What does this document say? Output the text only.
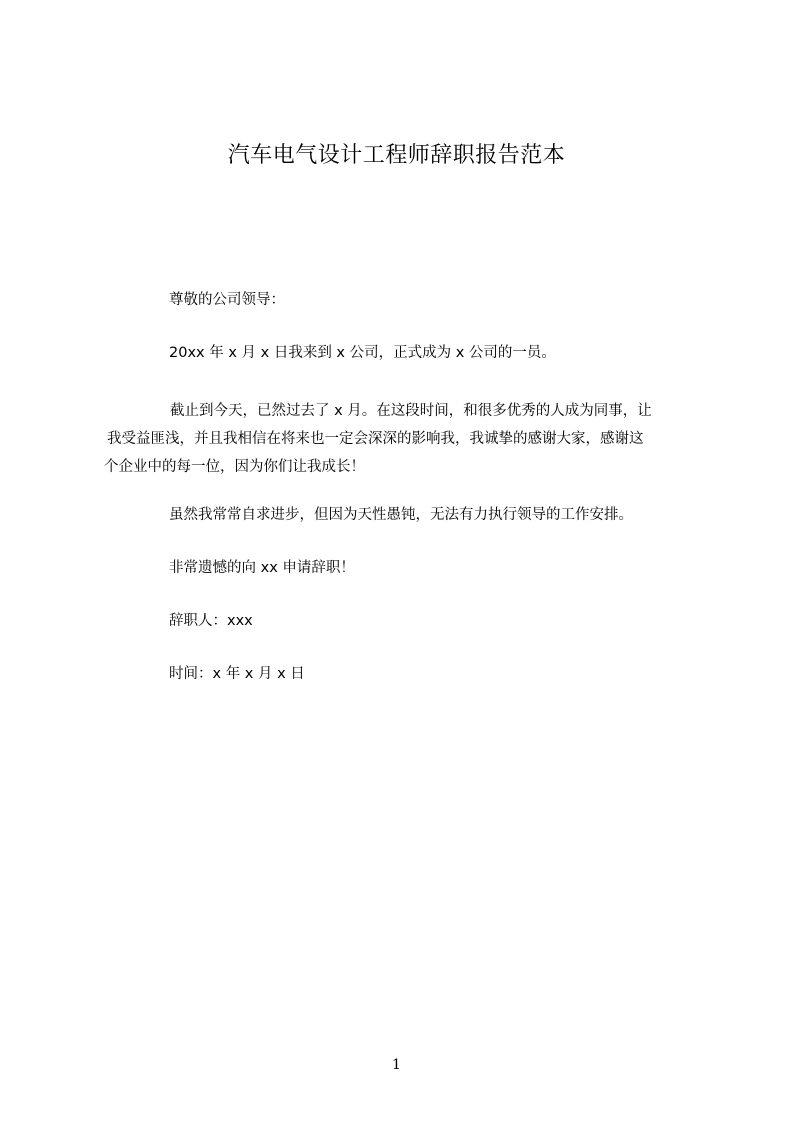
汽车电气设计工程师辞职报告范本
尊敬的公司领导：
20xx 年 x 月 x 日我来到 x 公司，正式成为 x 公司的一员。
截止到今天，已然过去了 x 月。在这段时间，和很多优秀的人成为同事，让
我受益匪浅，并且我相信在将来也一定会深深的影响我，我诚挚的感谢大家，感谢这
个企业中的每一位，因为你们让我成长！
虽然我常常自求进步，但因为天性愚钝，无法有力执行领导的工作安排。
非常遗憾的向 xx 申请辞职！
辞职人：xxx
时间：x 年 x 月 x 日
1
